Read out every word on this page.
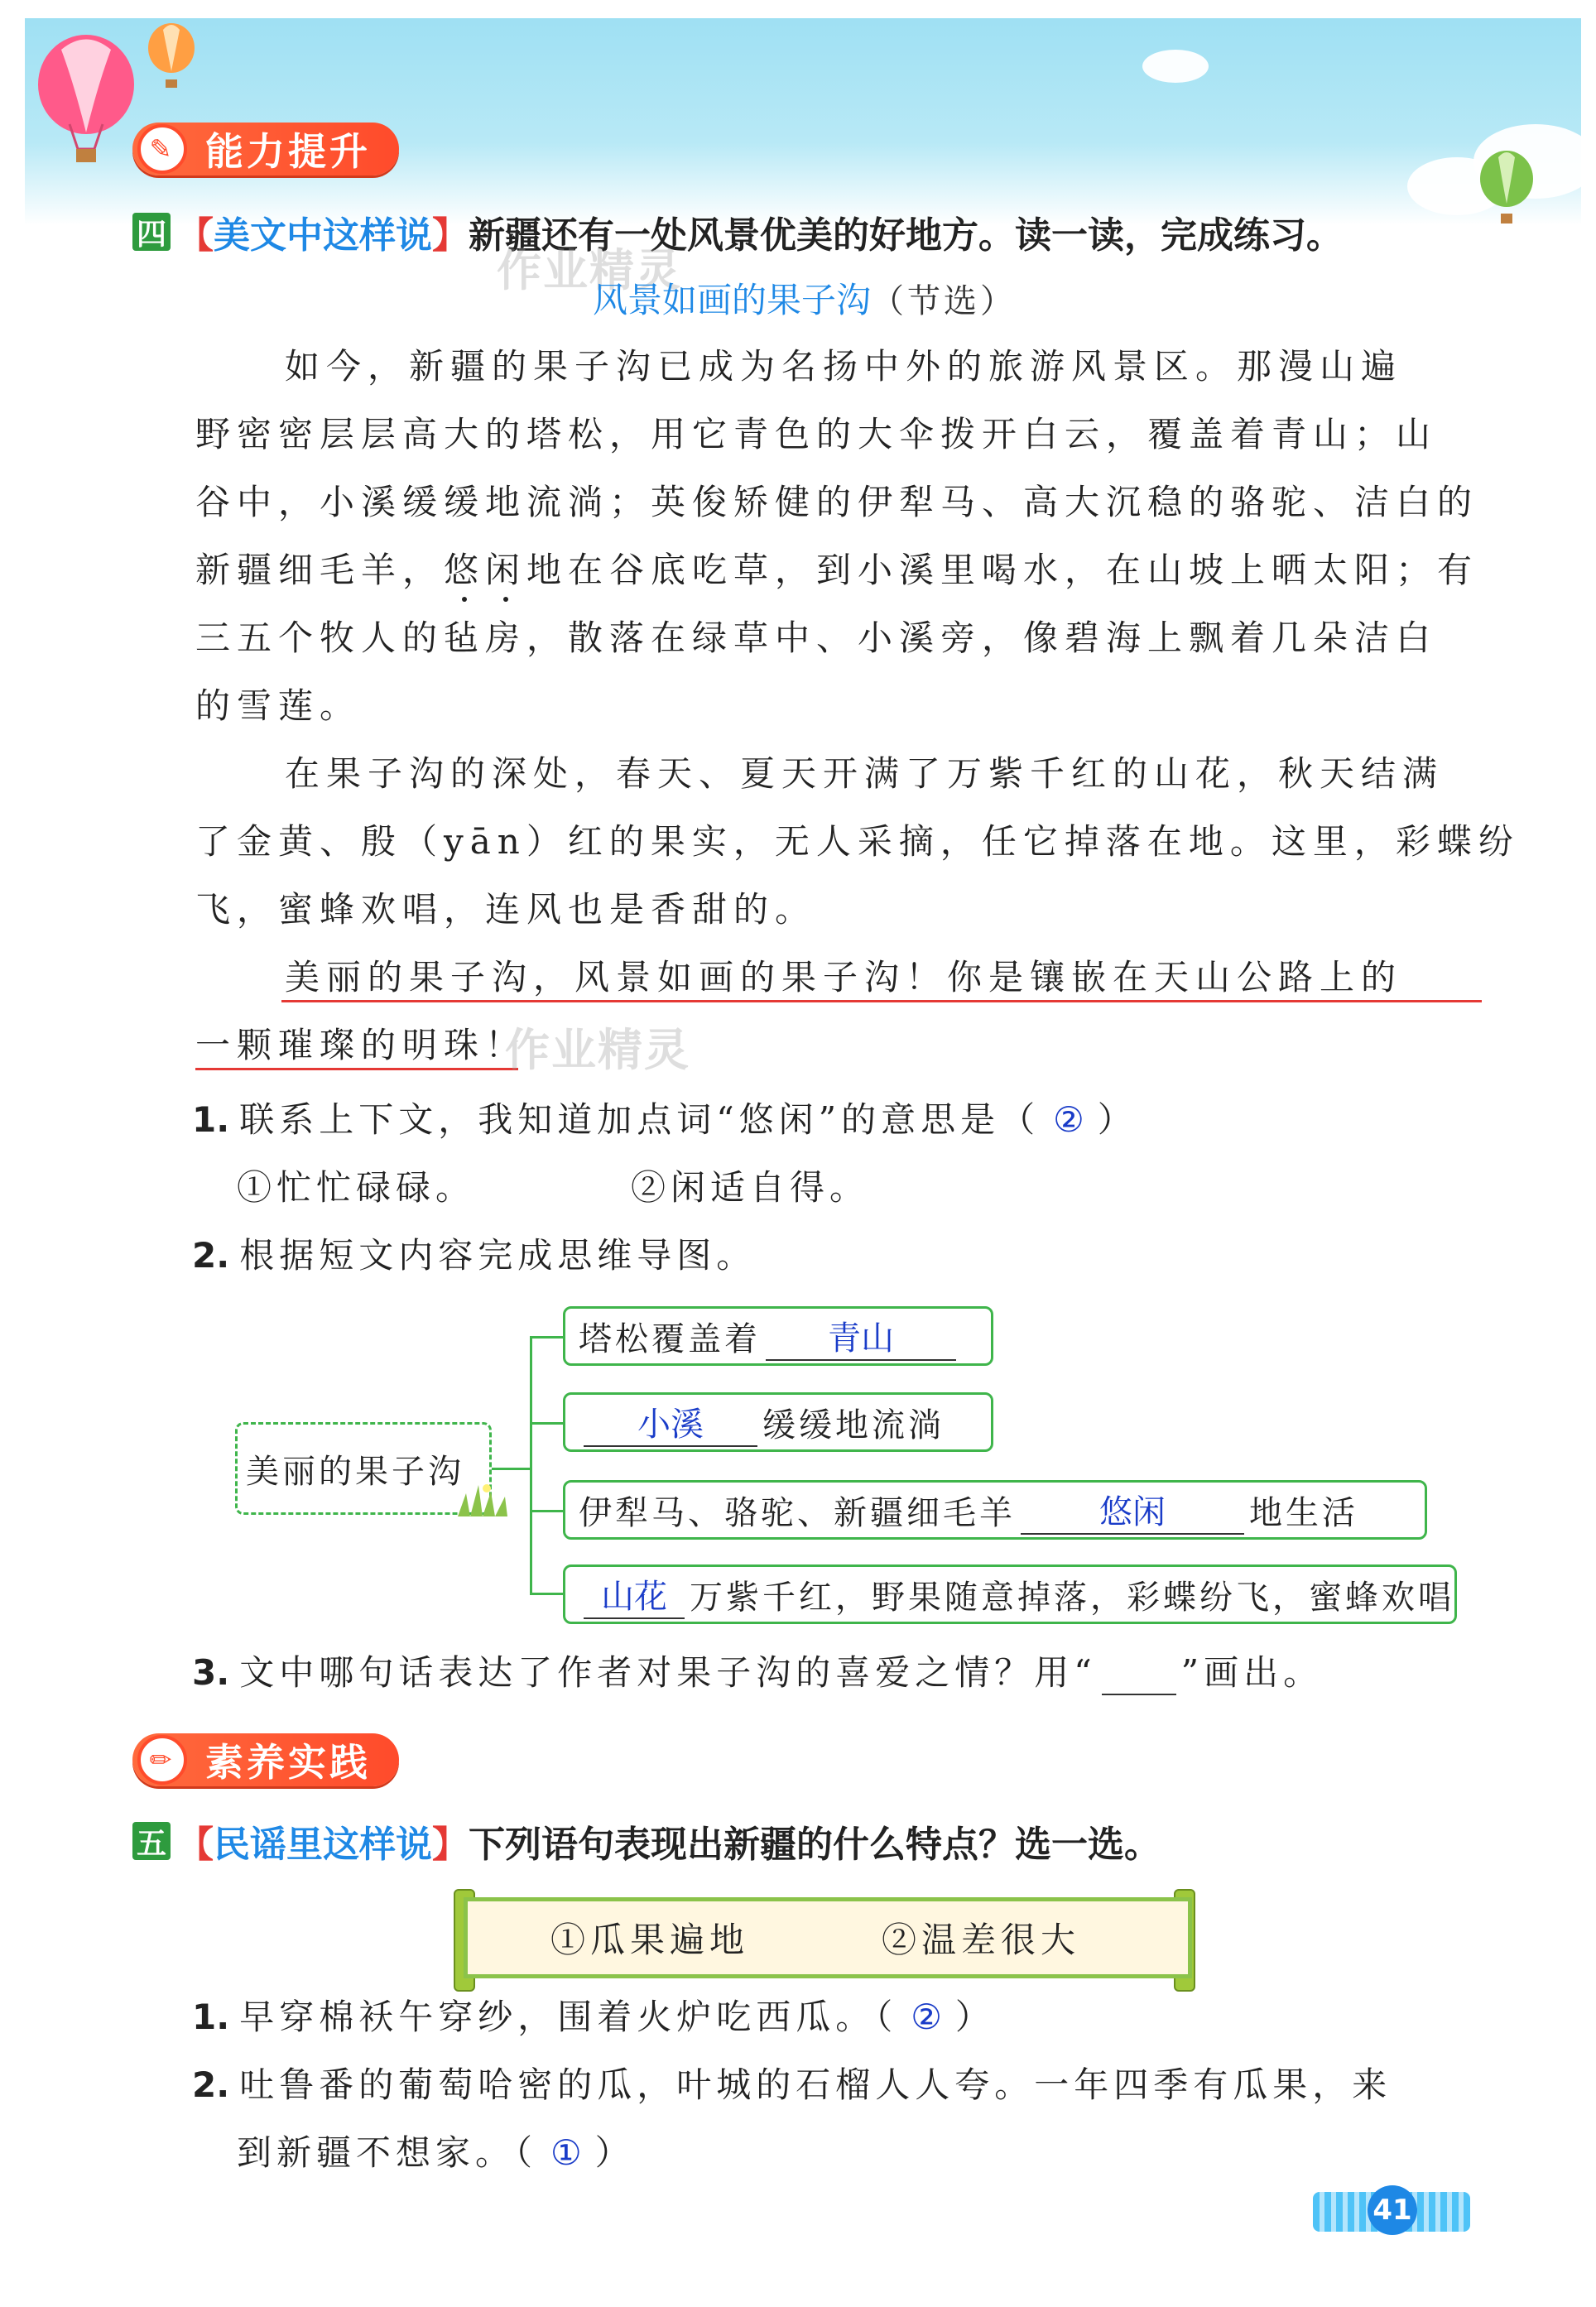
✎ 能力提升
四 【美文中这样说】 新疆还有一处风景优美的好地方。读一读，完成练习。
作业精灵
风景如画的果子沟（节选）
如今，新疆的果子沟已成为名扬中外的旅游风景区。那漫山遍
野密密层层高大的塔松，用它青色的大伞拨开白云，覆盖着青山；山
谷中，小溪缓缓地流淌；英俊矫健的伊犁马、高大沉稳的骆驼、洁白的
新疆细毛羊，悠闲地在谷底吃草，到小溪里喝水，在山坡上晒太阳；有
三五个牧人的毡房，散落在绿草中、小溪旁，像碧海上飘着几朵洁白
的雪莲。
在果子沟的深处，春天、夏天开满了万紫千红的山花，秋天结满
了金黄、殷（yān）红的果实，无人采摘，任它掉落在地。这里，彩蝶纷
飞，蜜蜂欢唱，连风也是香甜的。
美丽的果子沟，风景如画的果子沟！你是镶嵌在天山公路上的
一颗璀璨的明珠！
作业精灵
1. 联系上下文，我知道加点词“悠闲”的意思是（ ② ）
①忙忙碌碌。	②闲适自得。
2. 根据短文内容完成思维导图。
美丽的果子沟
塔松覆盖着	青山
小溪	缓缓地流淌
伊犁马、骆驼、新疆细毛羊	悠闲	地生活
山花 万紫千红，野果随意掉落，彩蝶纷飞，蜜蜂欢唱
3. 文中哪句话表达了作者对果子沟的喜爱之情？用“ ”画出。
✏ 素养实践
五 【民谣里这样说】 下列语句表现出新疆的什么特点？选一选。
①瓜果遍地	②温差很大
1. 早穿棉袄午穿纱，围着火炉吃西瓜。（ ② ）
2. 吐鲁番的葡萄哈密的瓜，叶城的石榴人人夸。一年四季有瓜果，来
到新疆不想家。（ ① ）
41
